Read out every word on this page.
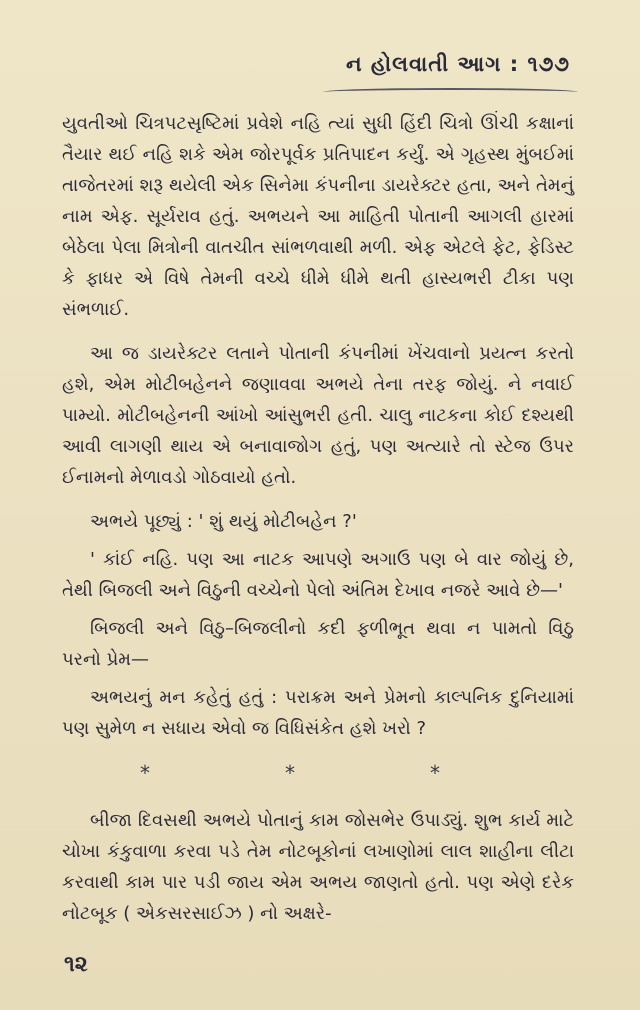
ન હોલવાતી આગ : ૧૭૭

યુવતીઓ ચિત્રપટસૃષ્ટિમાં પ્રવેશે નહિ ત્યાં સુધી હિંદી ચિત્રો ઊંચી કક્ષાનાં તૈયાર થઈ નહિ શકે એમ જોરપૂર્વક પ્રતિપાદન કર્યું. એ ગૃહસ્થ મુંબઈમાં તાજેતરમાં શરૂ થયેલી એક સિનેમા કંપનીના ડાયરેક્ટર હતા, અને તેમનું નામ એફ. સૂર્યરાવ હતું. અભયને આ માહિતી પોતાની આગલી હારમાં બેઠેલા પેલા મિત્રોની વાતચીત સાંભળવાથી મળી. એફ એટલે ફેટ, ફેડિસ્ટ કે ફાધર એ વિષે તેમની વચ્ચે ધીમે ધીમે થતી હાસ્યભરી ટીકા પણ સંભળાઈ.

આ જ ડાયરેક્ટર લતાને પોતાની કંપનીમાં ખેંચવાનો પ્રયત્ન કરતો હશે, એમ મોટીબહેનને જણાવવા અભયે તેના તરફ જોયું. ને નવાઈ પામ્યો. મોટીબહેનની આંખો આંસુભરી હતી. ચાલુ નાટકના કોઈ દશ્યથી આવી લાગણી થાય એ બનાવાજોગ હતું, પણ અત્યારે તો સ્ટેજ ઉપર ઈનામનો મેળાવડો ગોઠવાયો હતો.

અભયે પૂછ્યું : ' શું થયું મોટીબહેન ?'

' કાંઈ નહિ. પણ આ નાટક આપણે અગાઉ પણ બે વાર જોયું છે, તેથી બિજલી અને વિઠુની વચ્ચેનો પેલો અંતિમ દેખાવ નજરે આવે છે—'

બિજલી અને વિઠુ–બિજલીનો કદી ફળીભૂત થવા ન પામતો વિઠુ પરનો પ્રેમ—

અભયનું મન કહેતું હતું : પરાક્રમ અને પ્રેમનો કાલ્પનિક દુનિયામાં પણ સુમેળ ન સધાય એવો જ વિધિસંકેત હશે ખરો ?

*	*	*

બીજા દિવસથી અભયે પોતાનું કામ જોસભેર ઉપાડ્યું. શુભ કાર્ય માટે ચોખા કંકુવાળા કરવા પડે તેમ નોટબૂકોનાં લખાણોમાં લાલ શાહીના લીટા કરવાથી કામ પાર પડી જાય એમ અભય જાણતો હતો. પણ એણે દરેક નોટબૂક ( એકસરસાઈઝ ) નો અક્ષરે-

૧૨
